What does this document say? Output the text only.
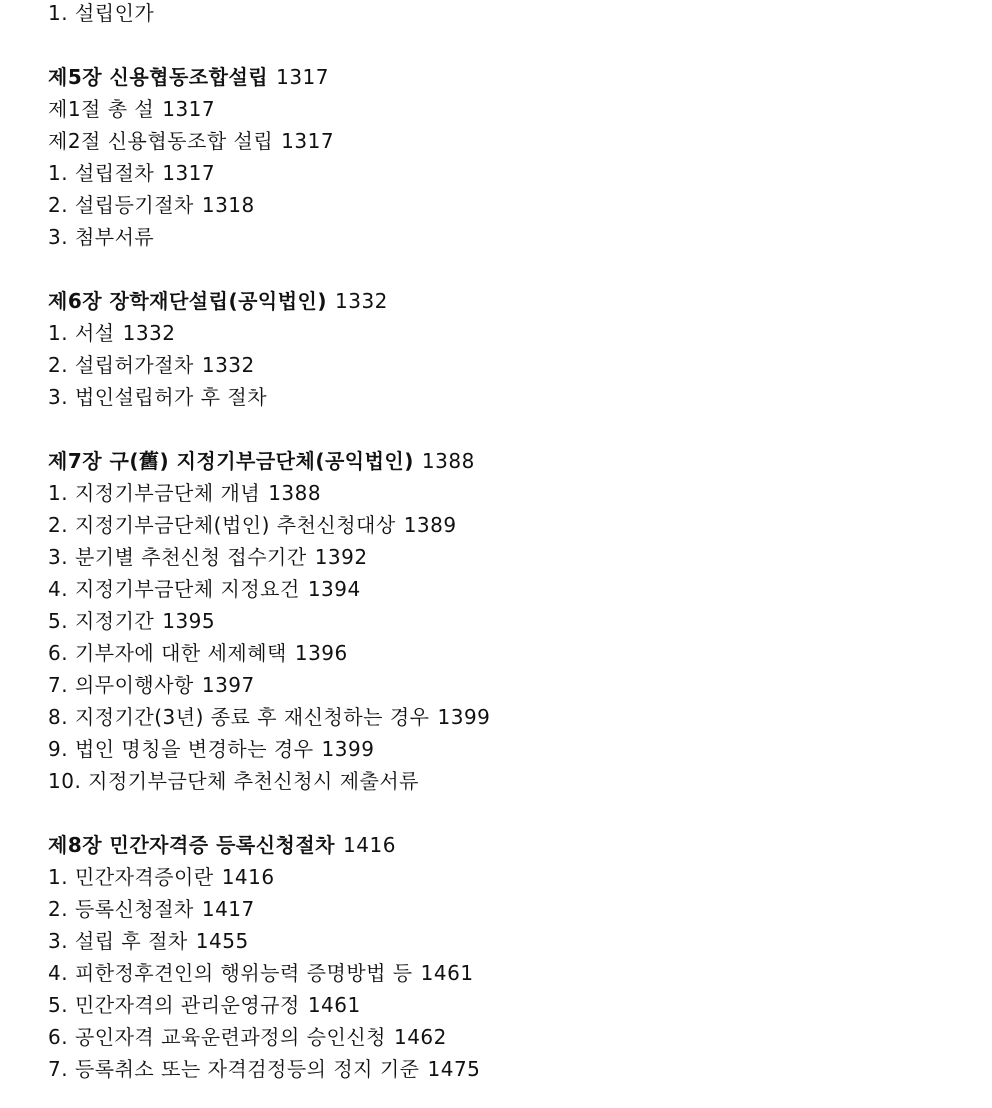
1. 설립인가
제5장 신용협동조합설립 1317
제1절 총 설 1317
제2절 신용협동조합 설립 1317
1. 설립절차 1317
2. 설립등기절차 1318
3. 첨부서류
제6장 장학재단설립(공익법인) 1332
1. 서설 1332
2. 설립허가절차 1332
3. 법인설립허가 후 절차
제7장 구(舊) 지정기부금단체(공익법인) 1388
1. 지정기부금단체 개념 1388
2. 지정기부금단체(법인) 추천신청대상 1389
3. 분기별 추천신청 접수기간 1392
4. 지정기부금단체 지정요건 1394
5. 지정기간 1395
6. 기부자에 대한 세제혜택 1396
7. 의무이행사항 1397
8. 지정기간(3년) 종료 후 재신청하는 경우 1399
9. 법인 명칭을 변경하는 경우 1399
10. 지정기부금단체 추천신청시 제출서류
제8장 민간자격증 등록신청절차 1416
1. 민간자격증이란 1416
2. 등록신청절차 1417
3. 설립 후 절차 1455
4. 피한정후견인의 행위능력 증명방법 등 1461
5. 민간자격의 관리운영규정 1461
6. 공인자격 교육운련과정의 승인신청 1462
7. 등록취소 또는 자격검정등의 정지 기준 1475
